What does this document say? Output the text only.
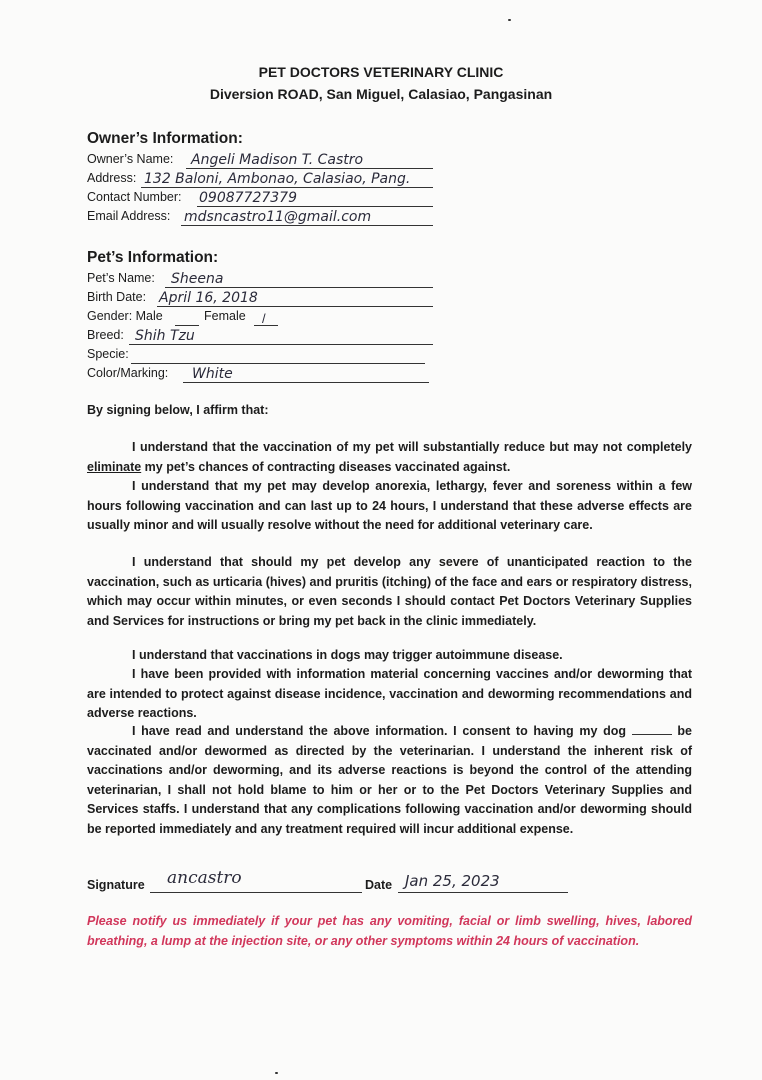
PET DOCTORS VETERINARY CLINIC
Diversion ROAD, San Miguel, Calasiao, Pangasinan
Owner’s Information:
Owner’s Name: Angeli Madison T. Castro
Address: 132 Baloni, Ambonao, Calasiao, Pang.
Contact Number: 09087727379
Email Address: mdsncastro11@gmail.com
Pet’s Information:
Pet’s Name: Sheena
Birth Date: April 16, 2018
Gender: Male	Female /
Breed: Shih Tzu
Specie:
Color/Marking: White
By signing below, I affirm that:
I understand that the vaccination of my pet will substantially reduce but may not completely eliminate my pet’s chances of contracting diseases vaccinated against.
I understand that my pet may develop anorexia, lethargy, fever and soreness within a few hours following vaccination and can last up to 24 hours, I understand that these adverse effects are usually minor and will usually resolve without the need for additional veterinary care.
I understand that should my pet develop any severe of unanticipated reaction to the vaccination, such as urticaria (hives) and pruritis (itching) of the face and ears or respiratory distress, which may occur within minutes, or even seconds I should contact Pet Doctors Veterinary Supplies and Services for instructions or bring my pet back in the clinic immediately.
I understand that vaccinations in dogs may trigger autoimmune disease.
I have been provided with information material concerning vaccines and/or deworming that are intended to protect against disease incidence, vaccination and deworming recommendations and adverse reactions.
I have read and understand the above information. I consent to having my dog	be vaccinated and/or dewormed as directed by the veterinarian. I understand the inherent risk of vaccinations and/or deworming, and its adverse reactions is beyond the control of the attending veterinarian, I shall not hold blame to him or her or to the Pet Doctors Veterinary Supplies and Services staffs. I understand that any complications following vaccination and/or deworming should be reported immediately and any treatment required will incur additional expense.
Signature ancastro	Date Jan 25, 2023
Please notify us immediately if your pet has any vomiting, facial or limb swelling, hives, labored breathing, a lump at the injection site, or any other symptoms within 24 hours of vaccination.
